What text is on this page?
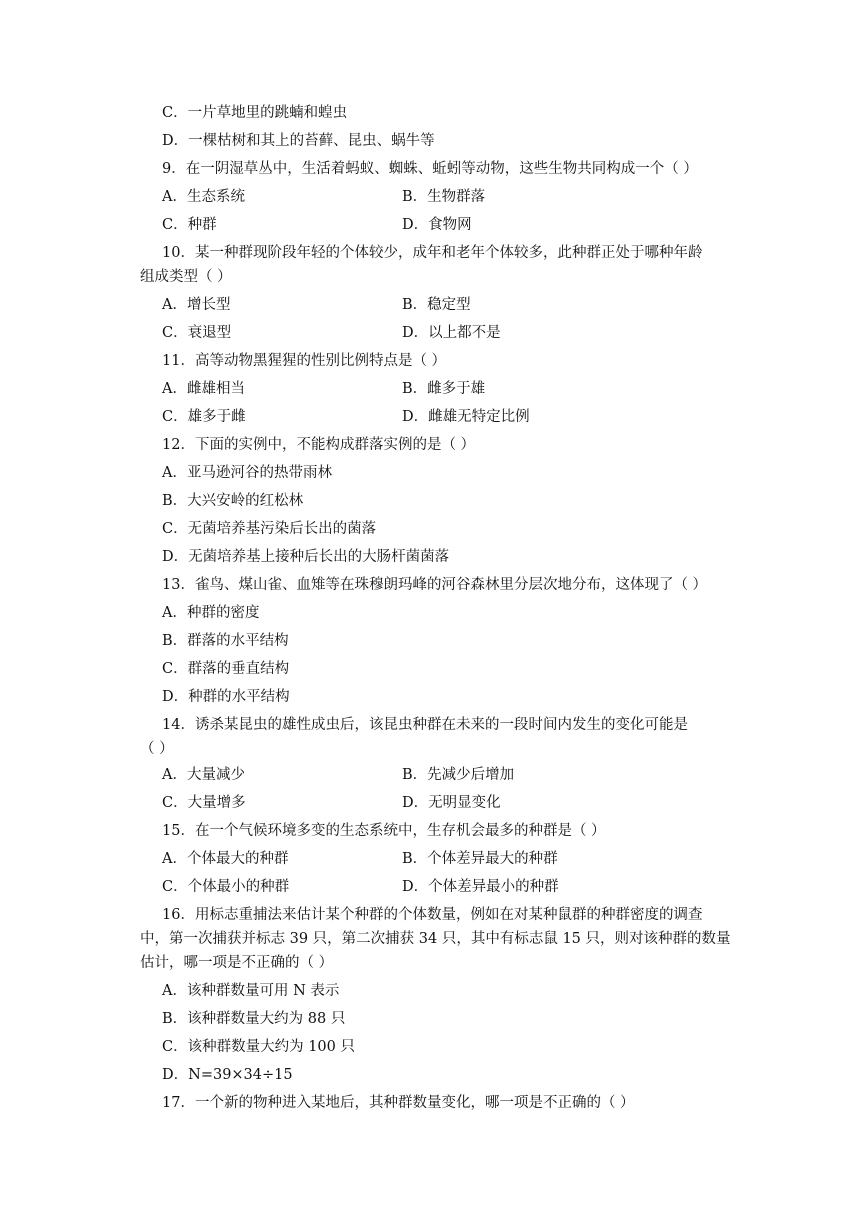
C．一片草地里的跳蝻和蝗虫
D．一棵枯树和其上的苔藓、昆虫、蜗牛等
9．在一阴湿草丛中，生活着蚂蚁、蜘蛛、蚯蚓等动物，这些生物共同构成一个（ ）
A．生态系统	B．生物群落
C．种群	D．食物网
10．某一种群现阶段年轻的个体较少，成年和老年个体较多，此种群正处于哪种年龄
组成类型（ ）
A．增长型	B．稳定型
C．衰退型	D．以上都不是
11．高等动物黑猩猩的性别比例特点是（ ）
A．雌雄相当	B．雌多于雄
C．雄多于雌	D．雌雄无特定比例
12．下面的实例中，不能构成群落实例的是（ ）
A．亚马逊河谷的热带雨林
B．大兴安岭的红松林
C．无菌培养基污染后长出的菌落
D．无菌培养基上接种后长出的大肠杆菌菌落
13．雀鸟、煤山雀、血雉等在珠穆朗玛峰的河谷森林里分层次地分布，这体现了（ ）
A．种群的密度
B．群落的水平结构
C．群落的垂直结构
D．种群的水平结构
14．诱杀某昆虫的雄性成虫后，该昆虫种群在未来的一段时间内发生的变化可能是
（ ）
A．大量减少	B．先减少后增加
C．大量增多	D．无明显变化
15．在一个气候环境多变的生态系统中，生存机会最多的种群是（ ）
A．个体最大的种群	B．个体差异最大的种群
C．个体最小的种群	D．个体差异最小的种群
16．用标志重捕法来估计某个种群的个体数量，例如在对某种鼠群的种群密度的调查
中，第一次捕获并标志 39 只，第二次捕获 34 只，其中有标志鼠 15 只，则对该种群的数量
估计，哪一项是不正确的（ ）
A．该种群数量可用 N 表示
B．该种群数量大约为 88 只
C．该种群数量大约为 100 只
D．N=39×34÷15
17．一个新的物种进入某地后，其种群数量变化，哪一项是不正确的（ ）
